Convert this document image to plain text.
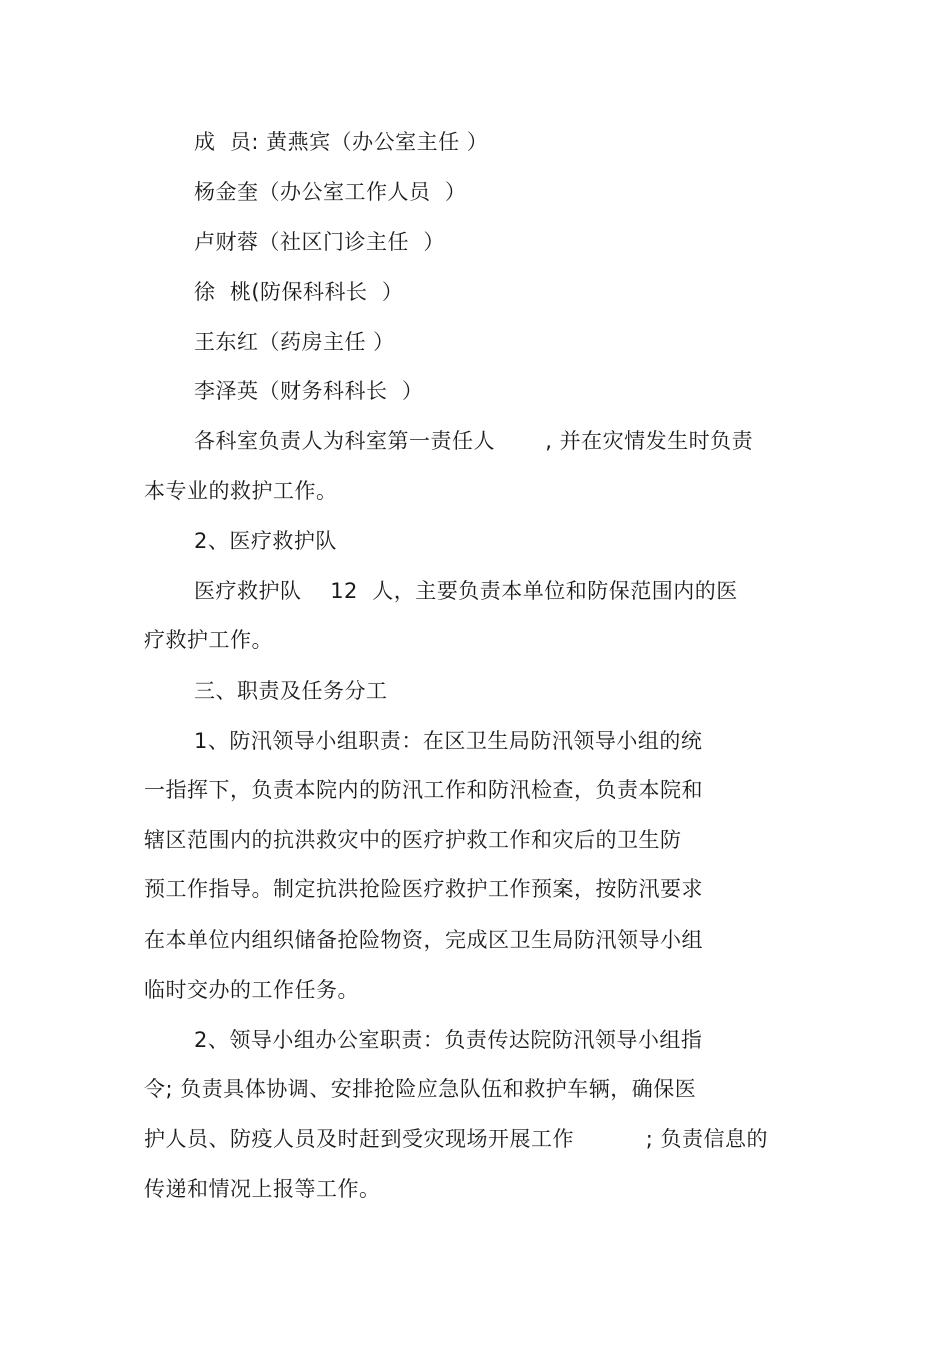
成  员: 黄燕宾（办公室主任 ）

杨金奎（办公室工作人员  ）

卢财蓉（社区门诊主任  ）

徐  桃(防保科科长  ）

王东红（药房主任 ）

李泽英（财务科科长  ）

各科室负责人为科室第一责任人       , 并在灾情发生时负责

本专业的救护工作。

2、医疗救护队

医疗救护队    12  人，主要负责本单位和防保范围内的医

疗救护工作。

三、职责及任务分工

1、防汛领导小组职责：在区卫生局防汛领导小组的统

一指挥下，负责本院内的防汛工作和防汛检查，负责本院和

辖区范围内的抗洪救灾中的医疗护救工作和灾后的卫生防

预工作指导。制定抗洪抢险医疗救护工作预案，按防汛要求

在本单位内组织储备抢险物资，完成区卫生局防汛领导小组

临时交办的工作任务。

2、领导小组办公室职责：负责传达院防汛领导小组指

令; 负责具体协调、安排抢险应急队伍和救护车辆，确保医

护人员、防疫人员及时赶到受灾现场开展工作          ; 负责信息的

传递和情况上报等工作。
